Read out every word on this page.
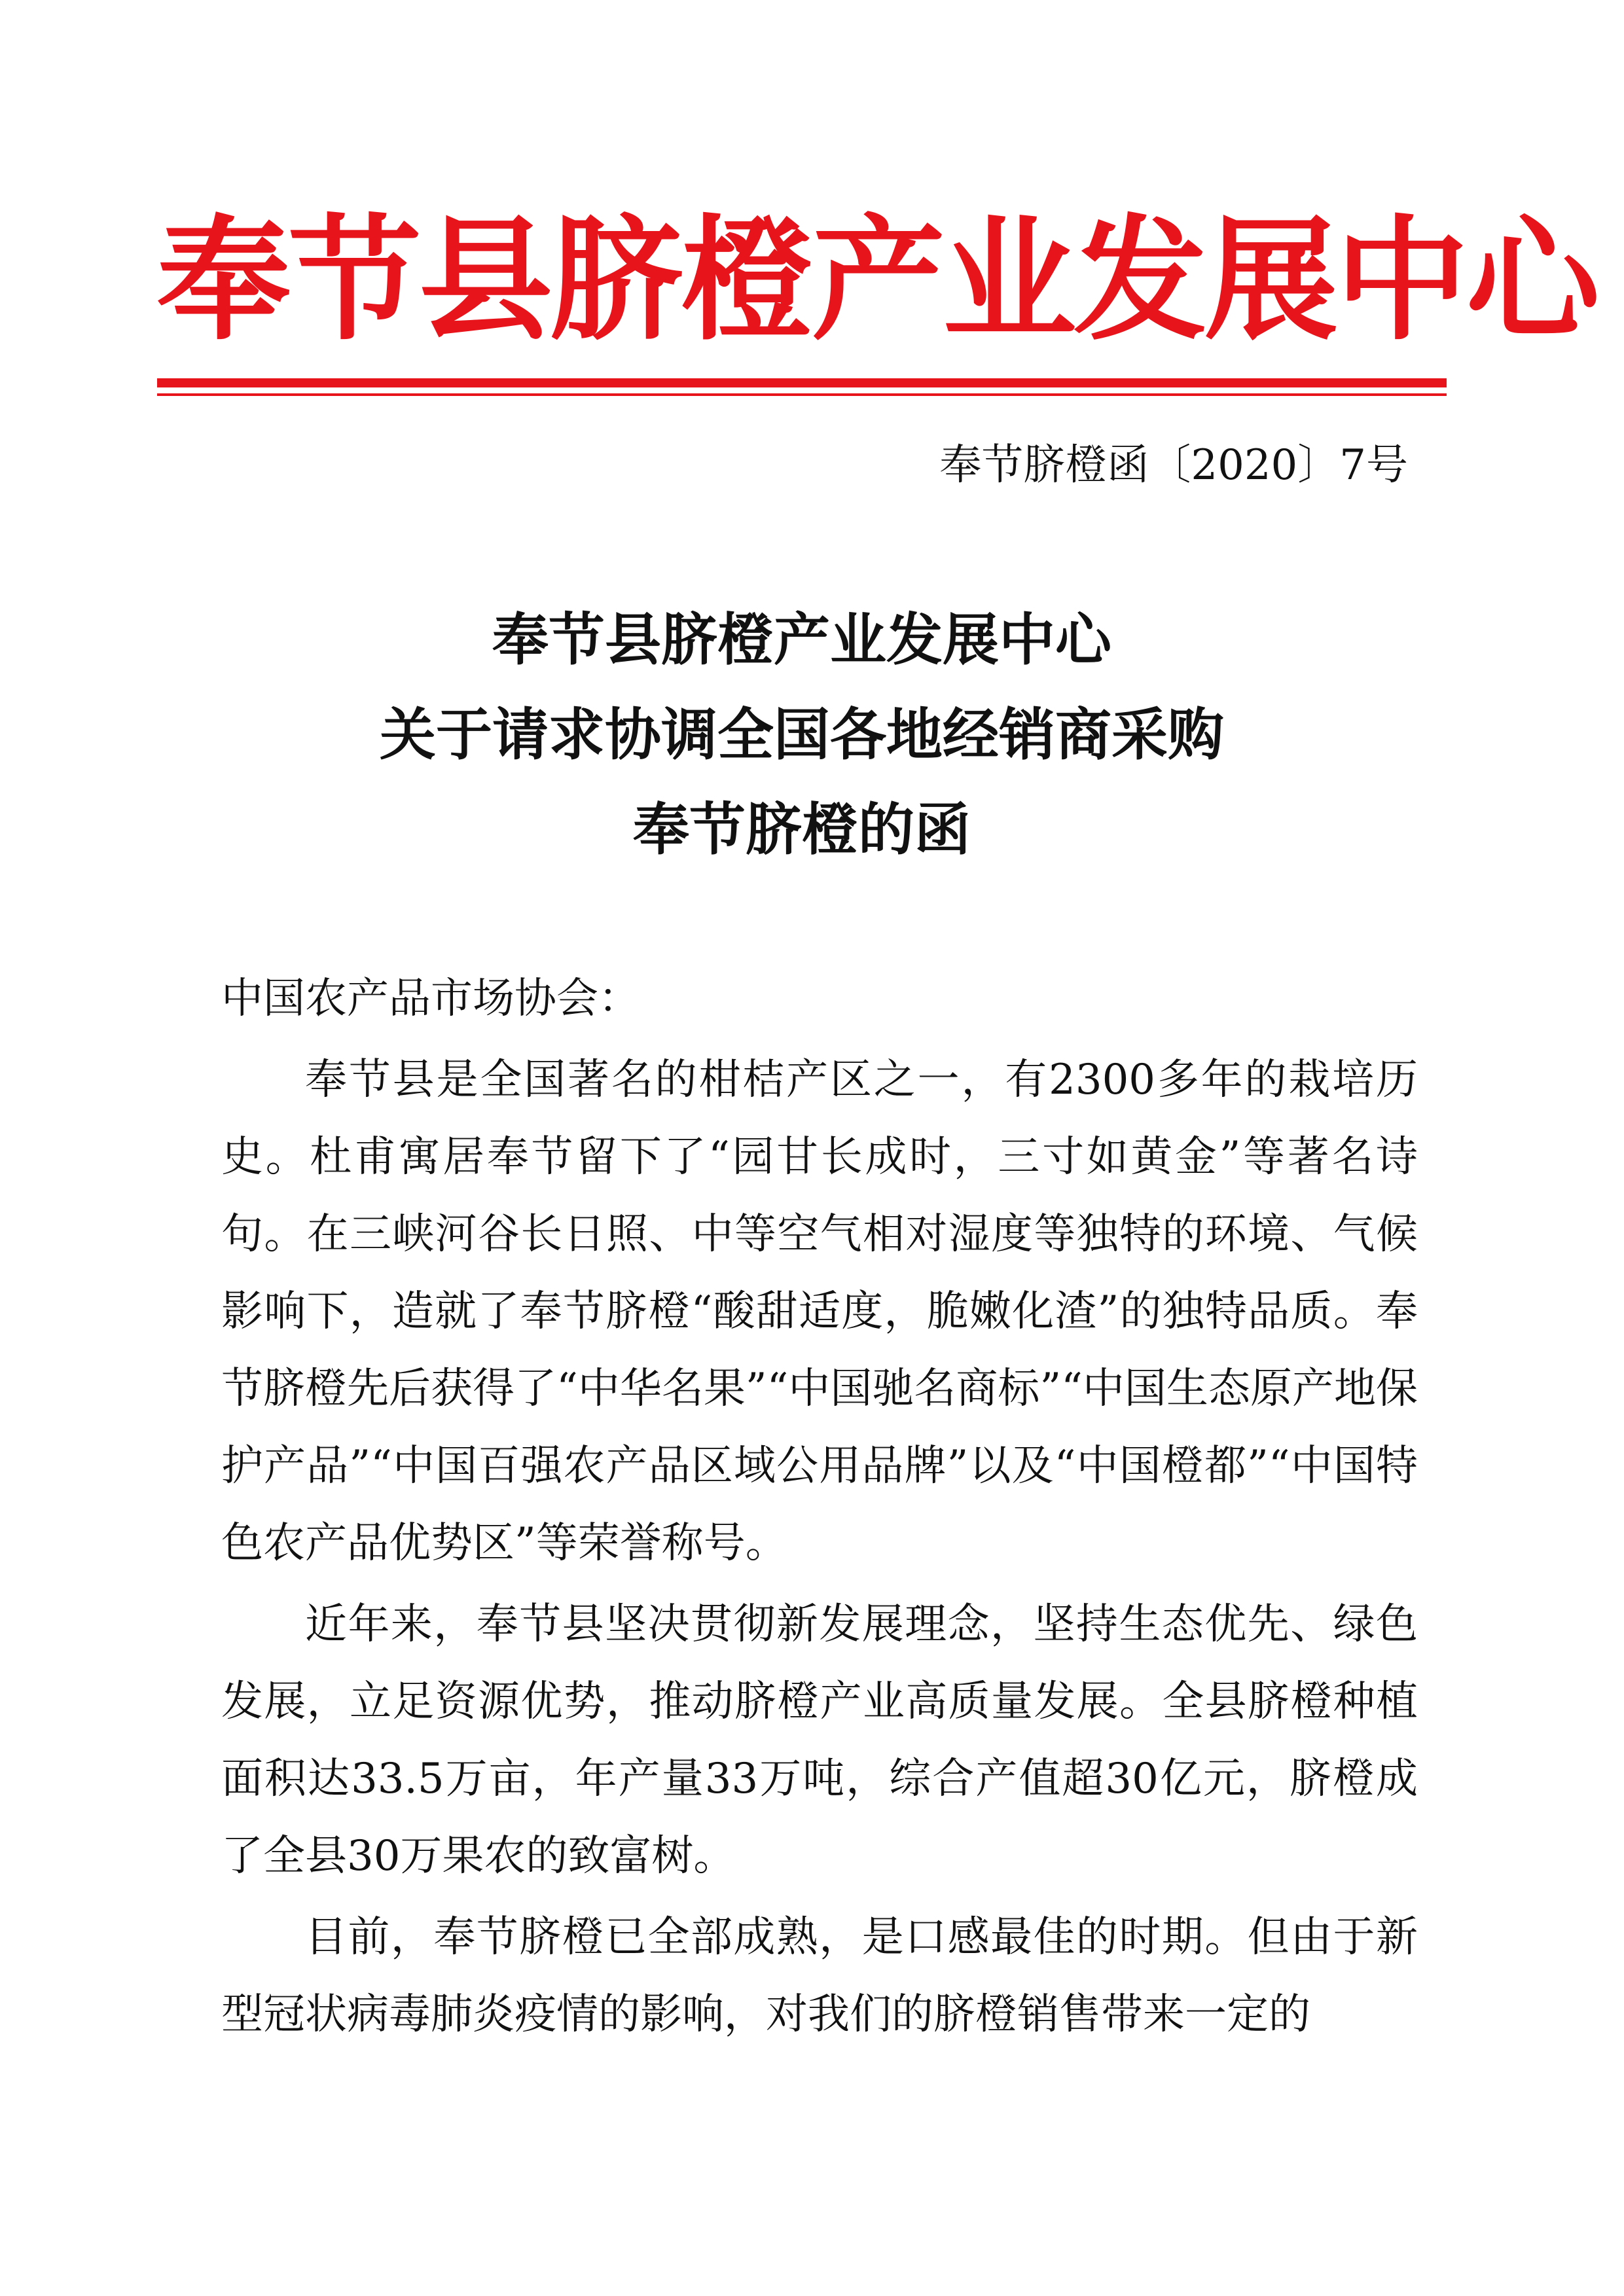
奉节县脐橙产业发展中心
奉节脐橙函〔2020〕7号
奉节县脐橙产业发展中心
关于请求协调全国各地经销商采购
奉节脐橙的函

中国农产品市场协会：

奉节县是全国著名的柑桔产区之一，有2300多年的栽培历史。杜甫寓居奉节留下了“园甘长成时，三寸如黄金”等著名诗句。在三峡河谷长日照、中等空气相对湿度等独特的环境、气候影响下，造就了奉节脐橙“酸甜适度，脆嫩化渣”的独特品质。奉节脐橙先后获得了“中华名果”“中国驰名商标”“中国生态原产地保护产品”“中国百强农产品区域公用品牌”以及“中国橙都”“中国特色农产品优势区”等荣誉称号。

近年来，奉节县坚决贯彻新发展理念，坚持生态优先、绿色发展，立足资源优势，推动脐橙产业高质量发展。全县脐橙种植面积达33.5万亩，年产量33万吨，综合产值超30亿元，脐橙成了全县30万果农的致富树。

目前，奉节脐橙已全部成熟，是口感最佳的时期。但由于新型冠状病毒肺炎疫情的影响，对我们的脐橙销售带来一定的
